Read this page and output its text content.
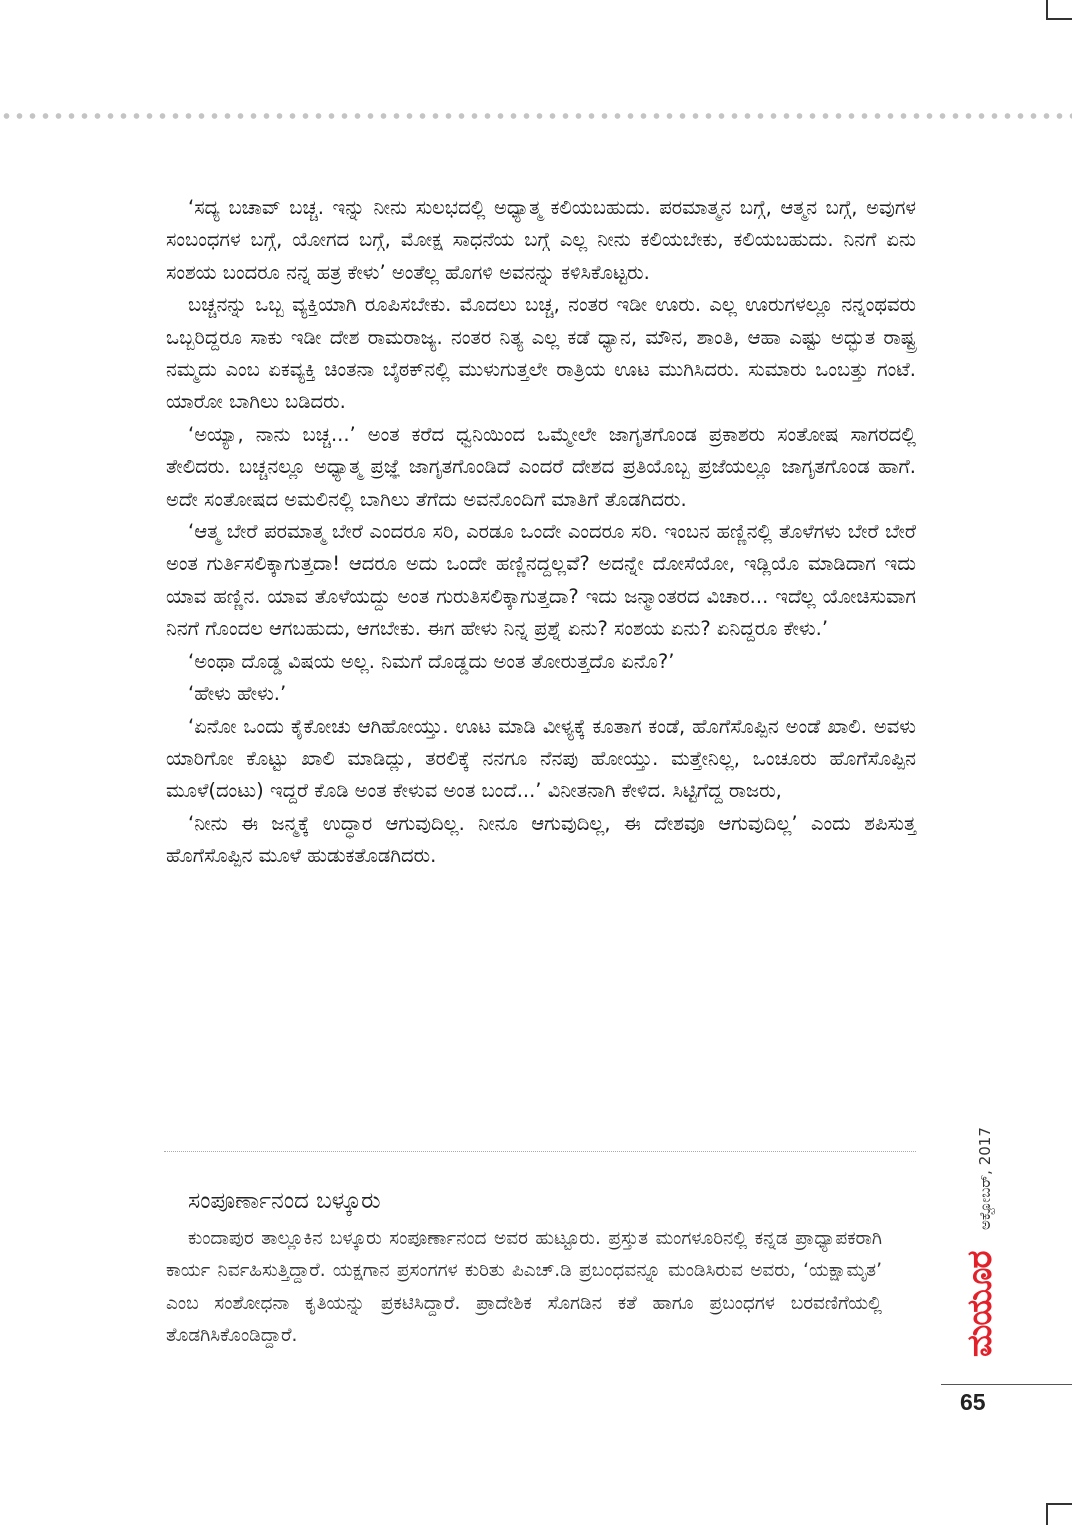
‘ಸದ್ಯ ಬಚಾವ್ ಬಚ್ಚ. ಇನ್ನು ನೀನು ಸುಲಭದಲ್ಲಿ ಅಧ್ಯಾತ್ಮ ಕಲಿಯಬಹುದು. ಪರಮಾತ್ಮನ ಬಗ್ಗೆ, ಆತ್ಮನ ಬಗ್ಗೆ, ಅವುಗಳ ಸಂಬಂಧಗಳ ಬಗ್ಗೆ, ಯೋಗದ ಬಗ್ಗೆ, ಮೋಕ್ಷ ಸಾಧನೆಯ ಬಗ್ಗೆ ಎಲ್ಲ ನೀನು ಕಲಿಯಬೇಕು, ಕಲಿಯಬಹುದು. ನಿನಗೆ ಏನು ಸಂಶಯ ಬಂದರೂ ನನ್ನ ಹತ್ರ ಕೇಳು’ ಅಂತೆಲ್ಲ ಹೊಗಳಿ ಅವನನ್ನು ಕಳಿಸಿಕೊಟ್ಟರು.

ಬಚ್ಚನನ್ನು ಒಬ್ಬ ವ್ಯಕ್ತಿಯಾಗಿ ರೂಪಿಸಬೇಕು. ಮೊದಲು ಬಚ್ಚ, ನಂತರ ಇಡೀ ಊರು. ಎಲ್ಲ ಊರುಗಳಲ್ಲೂ ನನ್ನಂಥವರು ಒಬ್ಬರಿದ್ದರೂ ಸಾಕು ಇಡೀ ದೇಶ ರಾಮರಾಜ್ಯ. ನಂತರ ನಿತ್ಯ ಎಲ್ಲ ಕಡೆ ಧ್ಯಾನ, ಮೌನ, ಶಾಂತಿ, ಆಹಾ ಎಷ್ಟು ಅದ್ಭುತ ರಾಷ್ಟ್ರ ನಮ್ಮದು ಎಂಬ ಏಕವ್ಯಕ್ತಿ ಚಿಂತನಾ ಬೈಠಕ್‌ನಲ್ಲಿ ಮುಳುಗುತ್ತಲೇ ರಾತ್ರಿಯ ಊಟ ಮುಗಿಸಿದರು. ಸುಮಾರು ಒಂಬತ್ತು ಗಂಟೆ. ಯಾರೋ ಬಾಗಿಲು ಬಡಿದರು.

‘ಅಯ್ಯಾ, ನಾನು ಬಚ್ಚ...’ ಅಂತ ಕರೆದ ಧ್ವನಿಯಿಂದ ಒಮ್ಮೇಲೇ ಜಾಗೃತಗೊಂಡ ಪ್ರಕಾಶರು ಸಂತೋಷ ಸಾಗರದಲ್ಲಿ ತೇಲಿದರು. ಬಚ್ಚನಲ್ಲೂ ಅಧ್ಯಾತ್ಮ ಪ್ರಜ್ಞೆ ಜಾಗೃತಗೊಂಡಿದೆ ಎಂದರೆ ದೇಶದ ಪ್ರತಿಯೊಬ್ಬ ಪ್ರಜೆಯಲ್ಲೂ ಜಾಗೃತಗೊಂಡ ಹಾಗೆ. ಅದೇ ಸಂತೋಷದ ಅಮಲಿನಲ್ಲಿ ಬಾಗಿಲು ತೆಗೆದು ಅವನೊಂದಿಗೆ ಮಾತಿಗೆ ತೊಡಗಿದರು.

‘ಆತ್ಮ ಬೇರೆ ಪರಮಾತ್ಮ ಬೇರೆ ಎಂದರೂ ಸರಿ, ಎರಡೂ ಒಂದೇ ಎಂದರೂ ಸರಿ. ಇಂಬನ ಹಣ್ಣಿನಲ್ಲಿ ತೊಳೆಗಳು ಬೇರೆ ಬೇರೆ ಅಂತ ಗುರ್ತಿಸಲಿಕ್ಕಾಗುತ್ತದಾ! ಆದರೂ ಅದು ಒಂದೇ ಹಣ್ಣಿನದ್ದಲ್ಲವೆ? ಅದನ್ನೇ ದೋಸೆಯೋ, ಇಡ್ಲಿಯೊ ಮಾಡಿದಾಗ ಇದು ಯಾವ ಹಣ್ಣಿನ. ಯಾವ ತೊಳೆಯದ್ದು ಅಂತ ಗುರುತಿಸಲಿಕ್ಕಾಗುತ್ತದಾ? ಇದು ಜನ್ಮಾಂತರದ ವಿಚಾರ... ಇದೆಲ್ಲ ಯೋಚಿಸುವಾಗ ನಿನಗೆ ಗೊಂದಲ ಆಗಬಹುದು, ಆಗಬೇಕು. ಈಗ ಹೇಳು ನಿನ್ನ ಪ್ರಶ್ನೆ ಏನು? ಸಂಶಯ ಏನು? ಏನಿದ್ದರೂ ಕೇಳು.’

‘ಅಂಥಾ ದೊಡ್ಡ ವಿಷಯ ಅಲ್ಲ. ನಿಮಗೆ ದೊಡ್ಡದು ಅಂತ ತೋರುತ್ತದೊ ಏನೊ?’

‘ಹೇಳು ಹೇಳು.’

‘ಏನೋ ಒಂದು ಕೈಕೋಚು ಆಗಿಹೋಯ್ತು. ಊಟ ಮಾಡಿ ವೀಳ್ಯಕ್ಕೆ ಕೂತಾಗ ಕಂಡೆ, ಹೊಗೆಸೊಪ್ಪಿನ ಅಂಡೆ ಖಾಲಿ. ಅವಳು ಯಾರಿಗೋ ಕೊಟ್ಟು ಖಾಲಿ ಮಾಡಿದ್ಲು, ತರಲಿಕ್ಕೆ ನನಗೂ ನೆನಪು ಹೋಯ್ತು. ಮತ್ತೇನಿಲ್ಲ, ಒಂಚೂರು ಹೊಗೆಸೊಪ್ಪಿನ ಮೂಳೆ(ದಂಟು) ಇದ್ದರೆ ಕೊಡಿ ಅಂತ ಕೇಳುವ ಅಂತ ಬಂದೆ...’ ವಿನೀತನಾಗಿ ಕೇಳಿದ. ಸಿಟ್ಟಿಗೆದ್ದ ರಾಜರು,

‘ನೀನು ಈ ಜನ್ಮಕ್ಕೆ ಉದ್ಧಾರ ಆಗುವುದಿಲ್ಲ. ನೀನೂ ಆಗುವುದಿಲ್ಲ, ಈ ದೇಶವೂ ಆಗುವುದಿಲ್ಲ’ ಎಂದು ಶಪಿಸುತ್ತ ಹೊಗೆಸೊಪ್ಪಿನ ಮೂಳೆ ಹುಡುಕತೊಡಗಿದರು.

ಸಂಪೂರ್ಣಾನಂದ ಬಳ್ಕೂರು

ಕುಂದಾಪುರ ತಾಲ್ಲೂಕಿನ ಬಳ್ಕೂರು ಸಂಪೂರ್ಣಾನಂದ ಅವರ ಹುಟ್ಟೂರು. ಪ್ರಸ್ತುತ ಮಂಗಳೂರಿನಲ್ಲಿ ಕನ್ನಡ ಪ್ರಾಧ್ಯಾಪಕರಾಗಿ ಕಾರ್ಯ ನಿರ್ವಹಿಸುತ್ತಿದ್ದಾರೆ. ಯಕ್ಷಗಾನ ಪ್ರಸಂಗಗಳ ಕುರಿತು ಪಿಎಚ್.ಡಿ ಪ್ರಬಂಧವನ್ನೂ ಮಂಡಿಸಿರುವ ಅವರು, ‘ಯಕ್ಷಾಮೃತ’ ಎಂಬ ಸಂಶೋಧನಾ ಕೃತಿಯನ್ನು ಪ್ರಕಟಿಸಿದ್ದಾರೆ. ಪ್ರಾದೇಶಿಕ ಸೊಗಡಿನ ಕತೆ ಹಾಗೂ ಪ್ರಬಂಧಗಳ ಬರವಣಿಗೆಯಲ್ಲಿ ತೊಡಗಿಸಿಕೊಂಡಿದ್ದಾರೆ.

ಅಕ್ಟೋಬರ್, 2017
ಮಯೂರ
65
